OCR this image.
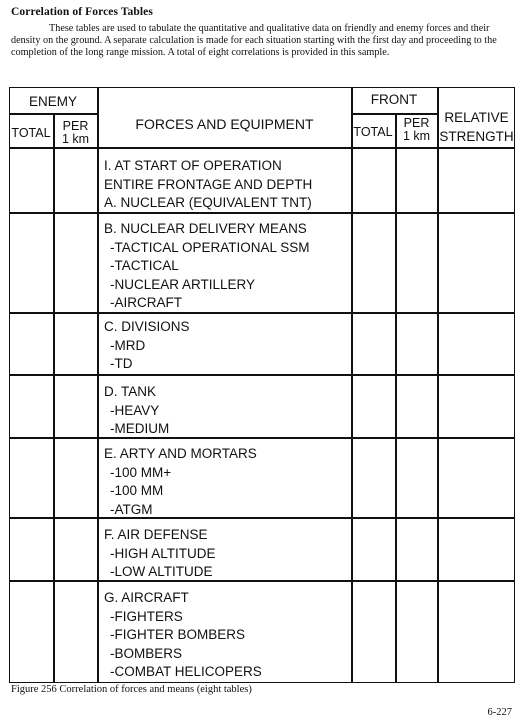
Correlation of Forces Tables
These tables are used to tabulate the quantitative and qualitative data on friendly and enemy forces and their density on the ground. A separate calculation is made for each situation starting with the first day and proceeding to the completion of the long range mission. A total of eight correlations is provided in this sample.
ENEMY
TOTAL PER
1 km
FORCES AND EQUIPMENT
FRONT
TOTAL
PER
1 km
RELATIVE
STRENGTH
I. AT START OF OPERATION
ENTIRE FRONTAGE AND DEPTH
A. NUCLEAR (EQUIVALENT TNT)
B. NUCLEAR DELIVERY MEANS
-TACTICAL OPERATIONAL SSM
-TACTICAL
-NUCLEAR ARTILLERY
-AIRCRAFT
C. DIVISIONS
-MRD
-TD
D. TANK
-HEAVY
-MEDIUM
E. ARTY AND MORTARS
-100 MM+
-100 MM
-ATGM
F. AIR DEFENSE
-HIGH ALTITUDE
-LOW ALTITUDE
G. AIRCRAFT
-FIGHTERS
-FIGHTER BOMBERS
-BOMBERS
-COMBAT HELICOPERS
Figure 256 Correlation of forces and means (eight tables)
6-227
